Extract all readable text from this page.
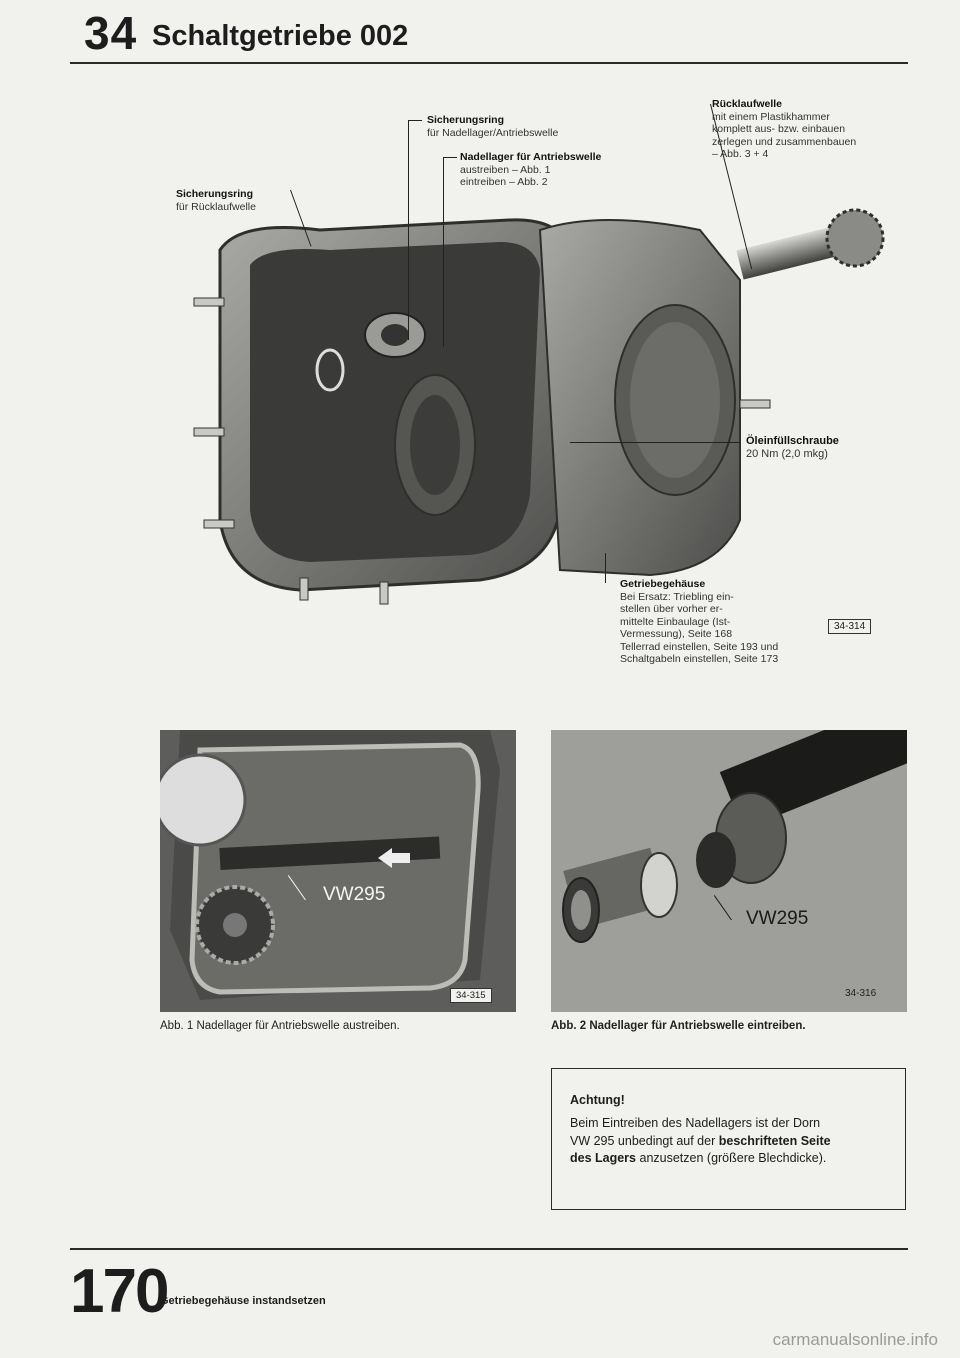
34 Schaltgetriebe 002
Sicherungsring
für Nadellager/Antriebswelle
Nadellager für Antriebswelle
austreiben – Abb. 1
eintreiben – Abb. 2
Rücklaufwelle
mit einem Plastikhammer
komplett aus- bzw. einbauen
zerlegen und zusammenbauen
– Abb. 3 + 4
Sicherungsring
für Rücklaufwelle
Öleinfüllschraube
20 Nm (2,0 mkg)
Getriebegehäuse
Bei Ersatz: Triebling ein-
stellen über vorher er-
mittelte Einbaulage (Ist-
Vermessung), Seite 168
Tellerrad einstellen, Seite 193 und
Schaltgabeln einstellen, Seite 173
34-314
VW295
34-315
Abb. 1 Nadellager für Antriebswelle austreiben.
VW295
34-316
Abb. 2 Nadellager für Antriebswelle eintreiben.
Achtung!
Beim Eintreiben des Nadellagers ist der Dorn
VW 295 unbedingt auf der beschrifteten Seite
des Lagers anzusetzen (größere Blechdicke).
170
Getriebegehäuse instandsetzen
carmanualsonline.info
